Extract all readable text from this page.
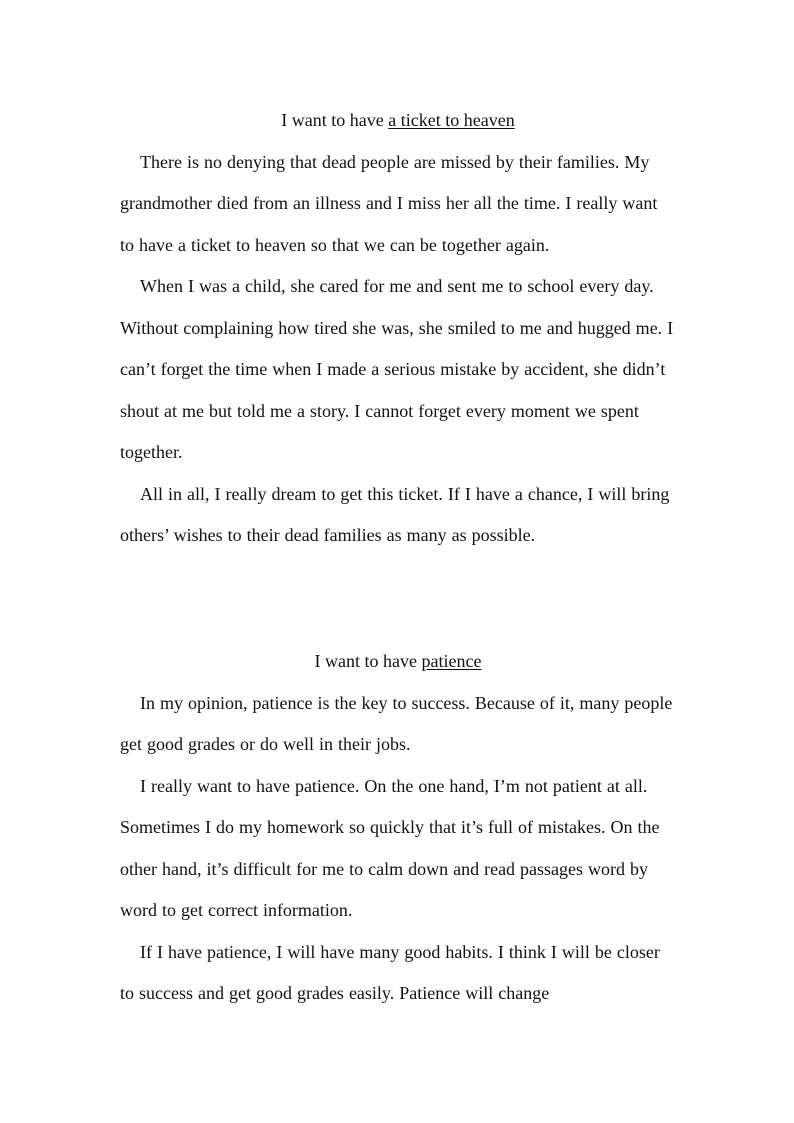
I want to have a ticket to heaven

There is no denying that dead people are missed by their families. My grandmother died from an illness and I miss her all the time. I really want to have a ticket to heaven so that we can be together again.

When I was a child, she cared for me and sent me to school every day. Without complaining how tired she was, she smiled to me and hugged me. I can’t forget the time when I made a serious mistake by accident, she didn’t shout at me but told me a story. I cannot forget every moment we spent together.

All in all, I really dream to get this ticket. If I have a chance, I will bring others’ wishes to their dead families as many as possible.

I want to have patience

In my opinion, patience is the key to success. Because of it, many people get good grades or do well in their jobs.

I really want to have patience. On the one hand, I’m not patient at all. Sometimes I do my homework so quickly that it’s full of mistakes. On the other hand, it’s difficult for me to calm down and read passages word by word to get correct information.

If I have patience, I will have many good habits. I think I will be closer to success and get good grades easily. Patience will change
